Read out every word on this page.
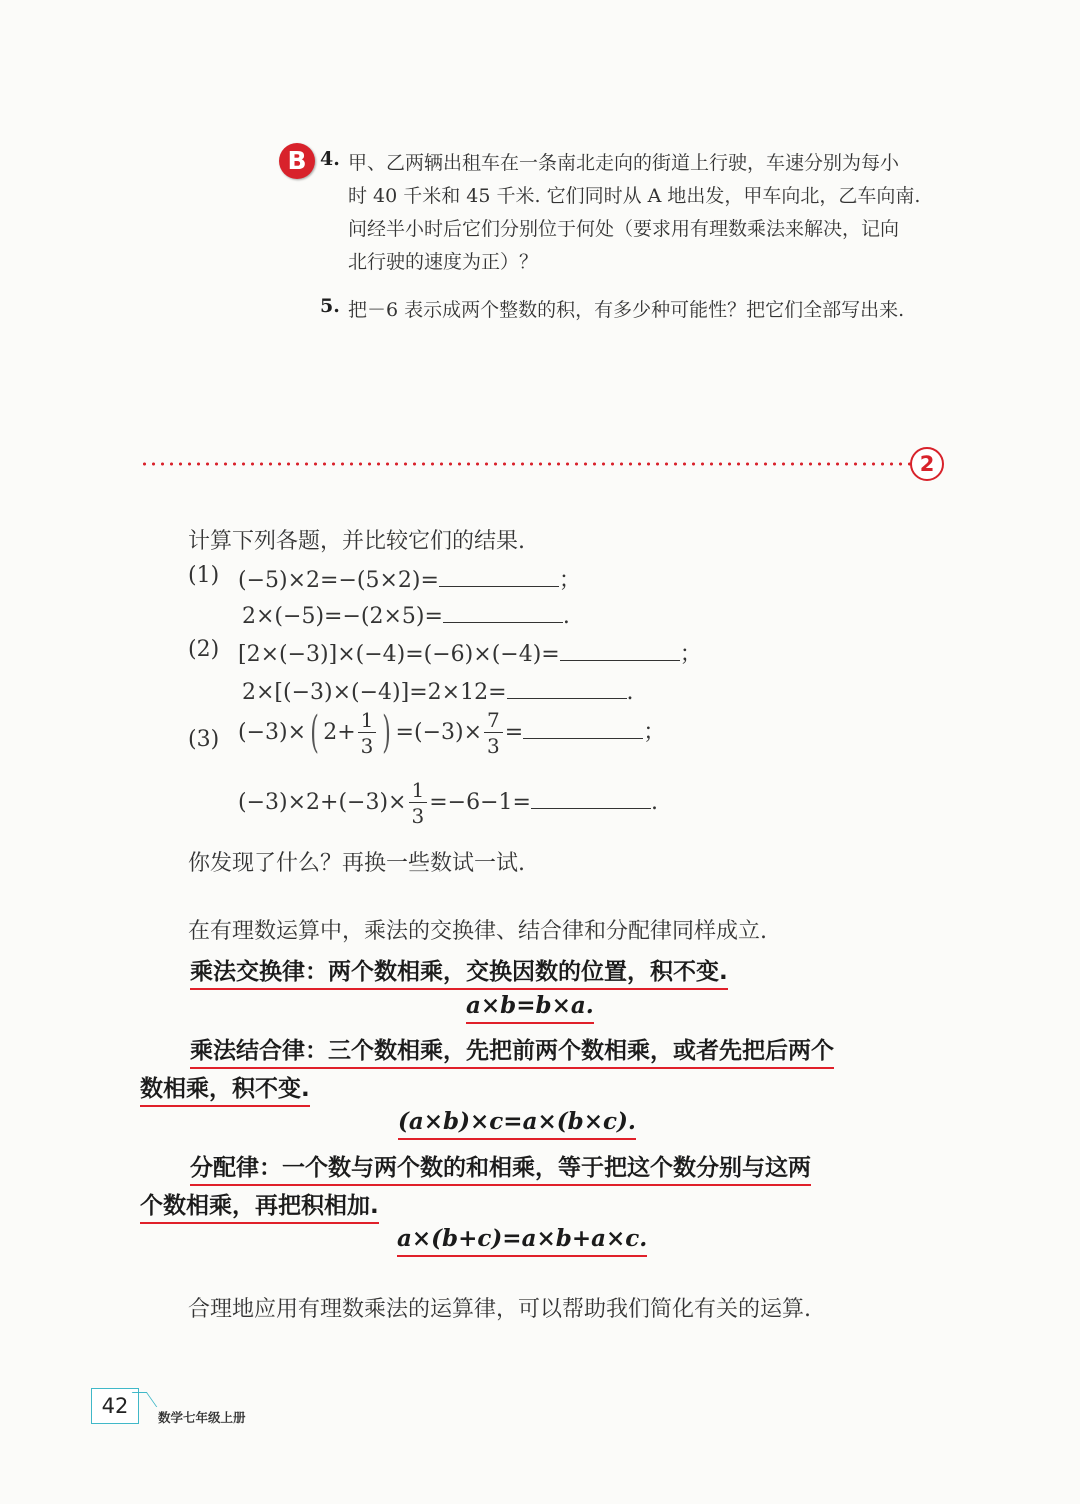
B 4. 甲、乙两辆出租车在一条南北走向的街道上行驶，车速分别为每小
时 40 千米和 45 千米. 它们同时从 A 地出发，甲车向北，乙车向南.
问经半小时后它们分别位于何处（要求用有理数乘法来解决，记向
北行驶的速度为正）？
5. 把－6 表示成两个整数的积，有多少种可能性？把它们全部写出来.
2
计算下列各题，并比较它们的结果.
(1) (−5)×2=−(5×2)=	；
2×(−5)=−(2×5)=	.
(2) [2×(−3)]×(−4)=(−6)×(−4)=	；
2×[(−3)×(−4)]=2×12=	.
(3) (−3)×( $2+ \frac{1}{3}$ ) $=(-3)\times \frac{7}{3}$ =	；
$(-3)\times 2+(-3)\times \frac{1}{3} =-6-1=$	.
你发现了什么？再换一些数试一试.
在有理数运算中，乘法的交换律、结合律和分配律同样成立.
乘法交换律：两个数相乘，交换因数的位置，积不变.
a×b=b×a.
乘法结合律：三个数相乘，先把前两个数相乘，或者先把后两个
数相乘，积不变.
(a×b)×c=a×(b×c).
分配律：一个数与两个数的和相乘，等于把这个数分别与这两
个数相乘，再把积相加.
a×(b+c)=a×b+a×c.
合理地应用有理数乘法的运算律，可以帮助我们简化有关的运算.
42	数学七年级上册
